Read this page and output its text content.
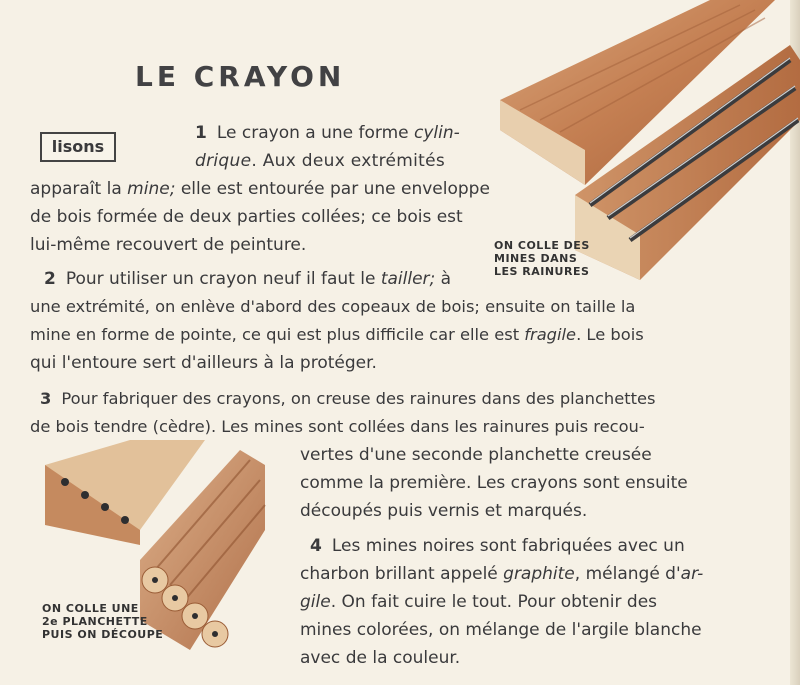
LE CRAYON
lisons
ON COLLE DES
MINES DANS
LES RAINURES
ON COLLE UNE
2e PLANCHETTE
PUIS ON DÉCOUPE
1 Le crayon a une forme cylin-
drique. Aux deux extrémités
apparaît la mine; elle est entourée par une enveloppe
de bois formée de deux parties collées; ce bois est
lui-même recouvert de peinture.
2 Pour utiliser un crayon neuf il faut le tailler; à
une extrémité, on enlève d'abord des copeaux de bois; ensuite on taille la
mine en forme de pointe, ce qui est plus difficile car elle est fragile. Le bois
qui l'entoure sert d'ailleurs à la protéger.
3 Pour fabriquer des crayons, on creuse des rainures dans des planchettes
de bois tendre (cèdre). Les mines sont collées dans les rainures puis recou-
vertes d'une seconde planchette creusée
comme la première. Les crayons sont ensuite
découpés puis vernis et marqués.
4 Les mines noires sont fabriquées avec un
charbon brillant appelé graphite, mélangé d'ar-
gile. On fait cuire le tout. Pour obtenir des
mines colorées, on mélange de l'argile blanche
avec de la couleur.
